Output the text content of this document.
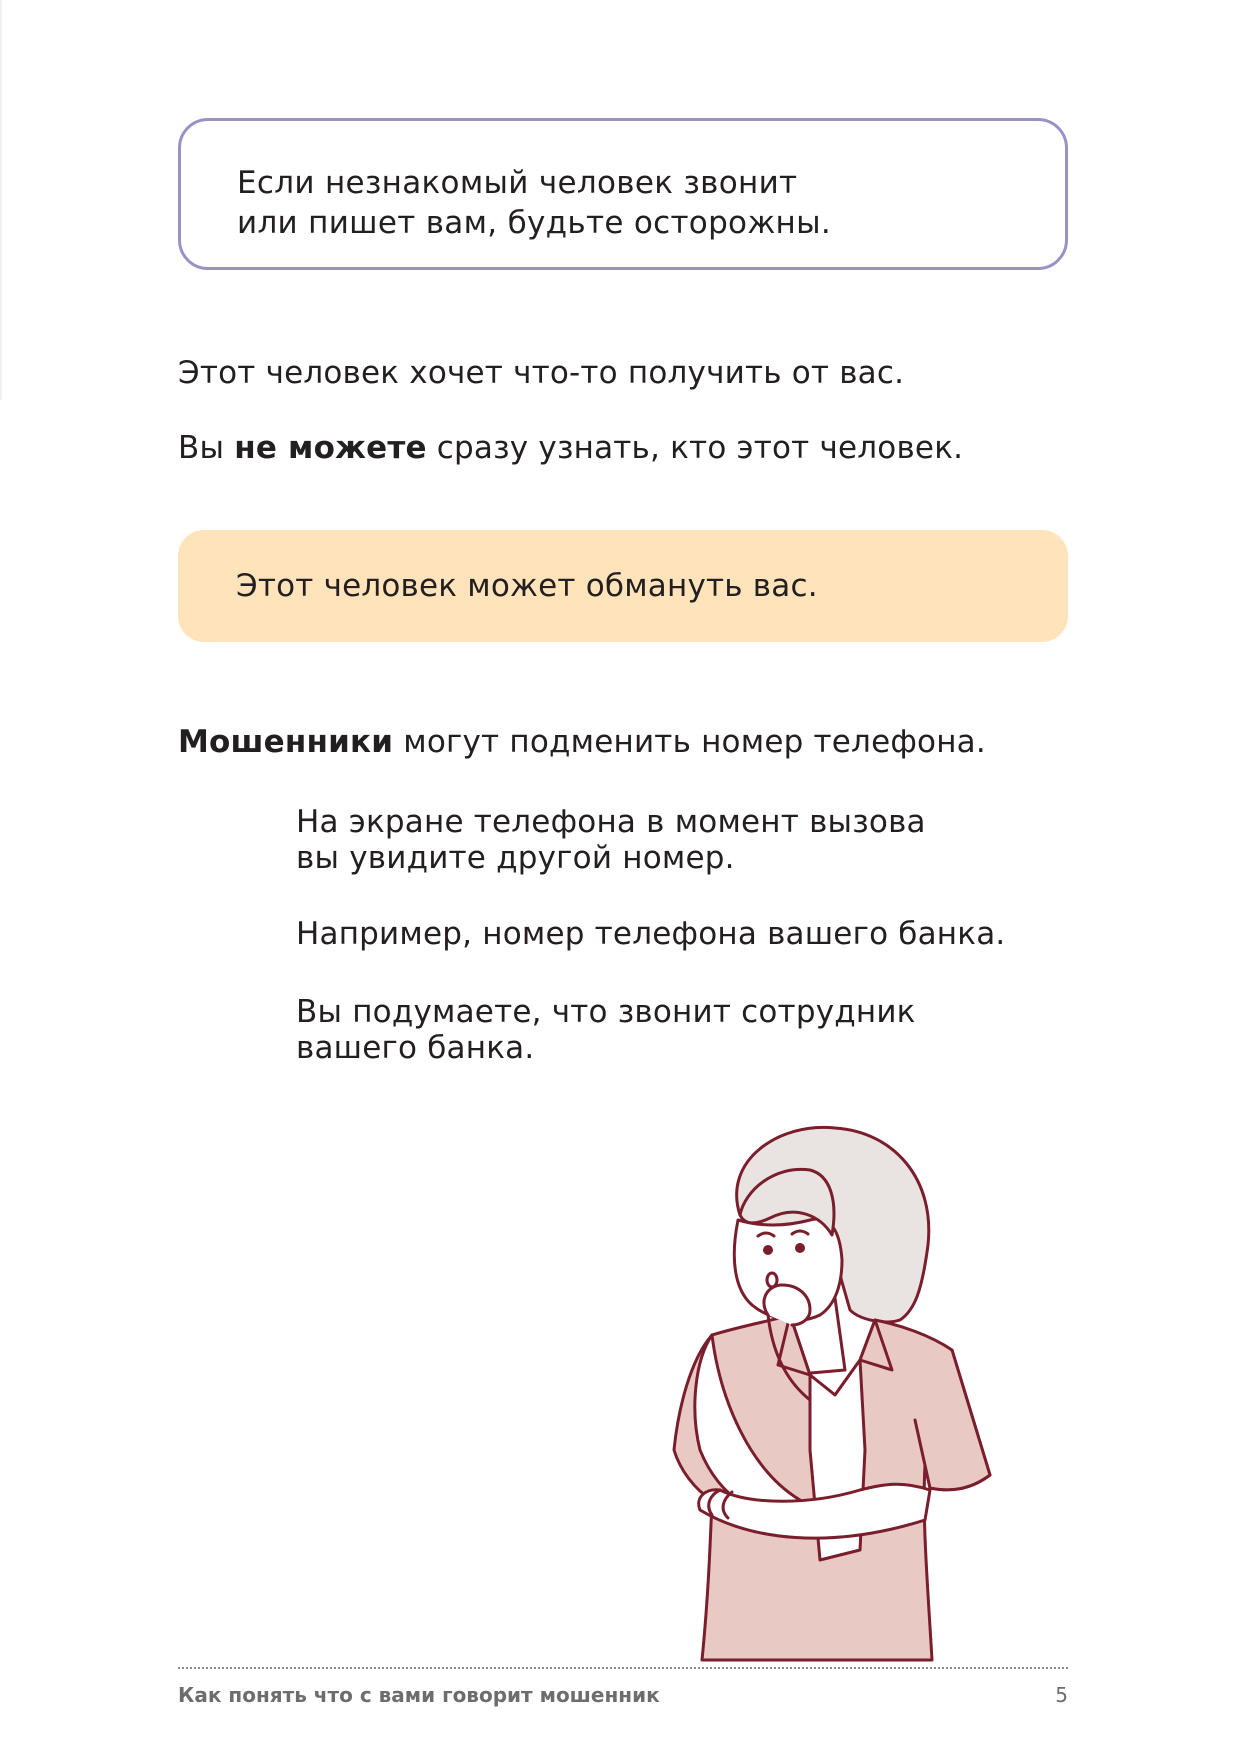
Если незнакомый человек звонит
или пишет вам, будьте осторожны.

Этот человек хочет что-то получить от вас.

Вы не можете сразу узнать, кто этот человек.

Этот человек может обмануть вас.

Мошенники могут подменить номер телефона.

На экране телефона в момент вызова
вы увидите другой номер.

Например, номер телефона вашего банка.

Вы подумаете, что звонит сотрудник
вашего банка.

Как понять что с вами говорит мошенник	5
